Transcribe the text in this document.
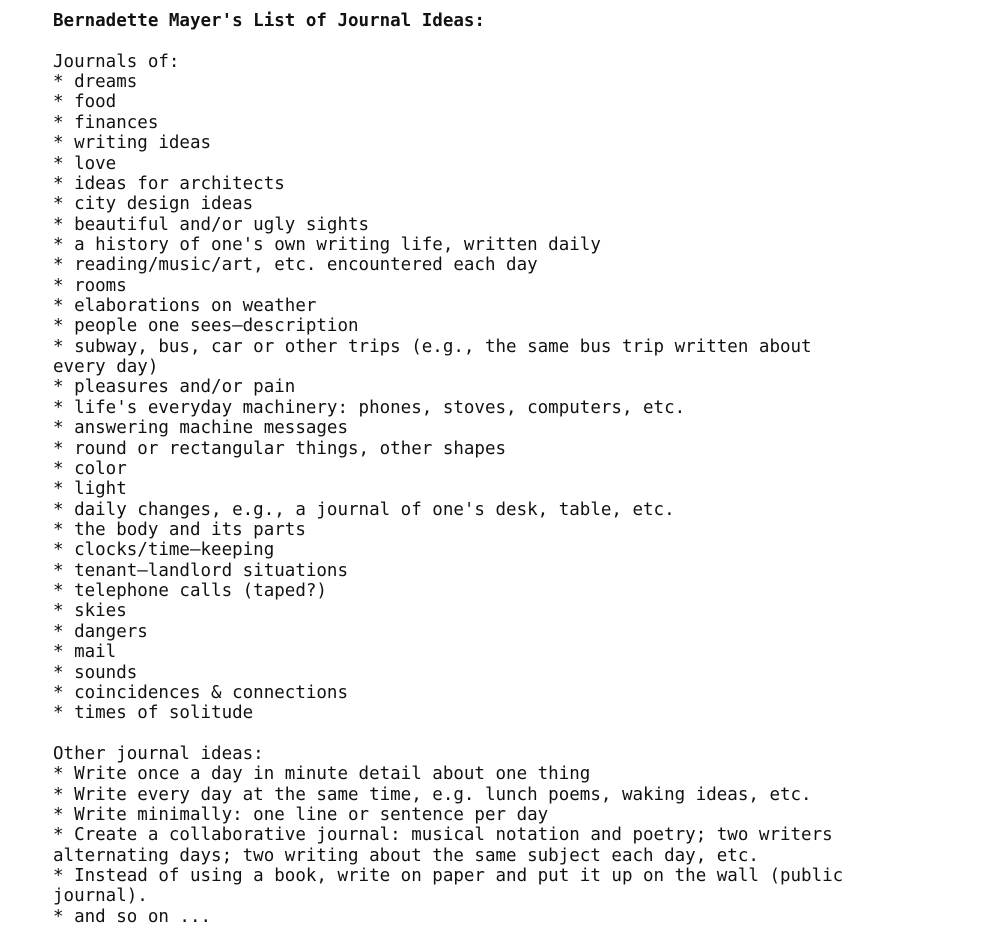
Bernadette Mayer's List of Journal Ideas:
Journals of:
* dreams
* food
* finances
* writing ideas
* love
* ideas for architects
* city design ideas
* beautiful and/or ugly sights
* a history of one's own writing life, written daily
* reading/music/art, etc. encountered each day
* rooms
* elaborations on weather
* people one sees—description
* subway, bus, car or other trips (e.g., the same bus trip written about every day)
* pleasures and/or pain
* life's everyday machinery: phones, stoves, computers, etc.
* answering machine messages
* round or rectangular things, other shapes
* color
* light
* daily changes, e.g., a journal of one's desk, table, etc.
* the body and its parts
* clocks/time—keeping
* tenant—landlord situations
* telephone calls (taped?)
* skies
* dangers
* mail
* sounds
* coincidences & connections
* times of solitude
Other journal ideas:
* Write once a day in minute detail about one thing
* Write every day at the same time, e.g. lunch poems, waking ideas, etc.
* Write minimally: one line or sentence per day
* Create a collaborative journal: musical notation and poetry; two writers alternating days; two writing about the same subject each day, etc.
* Instead of using a book, write on paper and put it up on the wall (public journal).
* and so on ...
